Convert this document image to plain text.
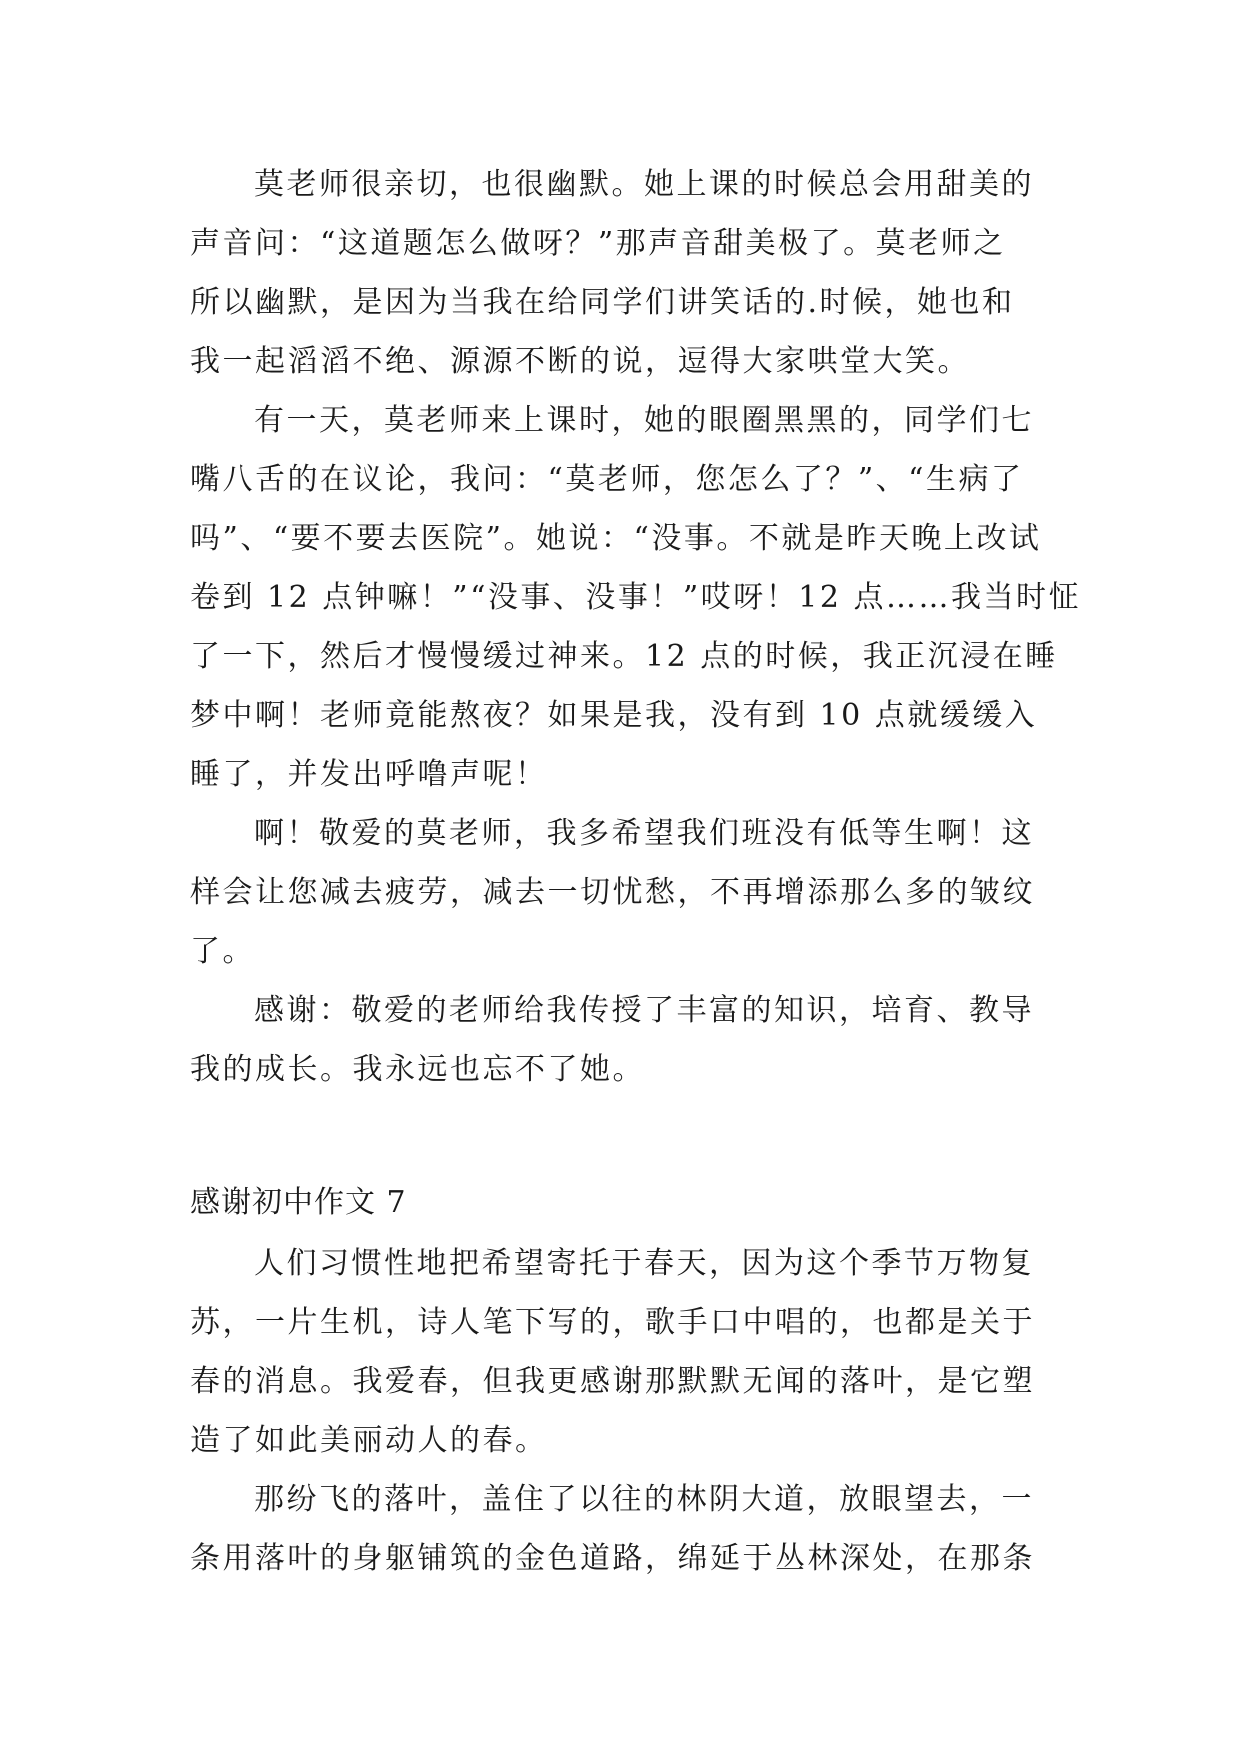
莫老师很亲切，也很幽默。她上课的时候总会用甜美的
声音问：“这道题怎么做呀？”那声音甜美极了。莫老师之
所以幽默，是因为当我在给同学们讲笑话的.时候，她也和
我一起滔滔不绝、源源不断的说，逗得大家哄堂大笑。
有一天，莫老师来上课时，她的眼圈黑黑的，同学们七
嘴八舌的在议论，我问：“莫老师，您怎么了？”、“生病了
吗”、“要不要去医院”。她说：“没事。不就是昨天晚上改试
卷到 12 点钟嘛！”“没事、没事！”哎呀！12 点……我当时怔
了一下，然后才慢慢缓过神来。12 点的时候，我正沉浸在睡
梦中啊！老师竟能熬夜？如果是我，没有到 10 点就缓缓入
睡了，并发出呼噜声呢！
啊！敬爱的莫老师，我多希望我们班没有低等生啊！这
样会让您减去疲劳，减去一切忧愁，不再增添那么多的皱纹
了。
感谢：敬爱的老师给我传授了丰富的知识，培育、教导
我的成长。我永远也忘不了她。
感谢初中作文 7
人们习惯性地把希望寄托于春天，因为这个季节万物复
苏，一片生机，诗人笔下写的，歌手口中唱的，也都是关于
春的消息。我爱春，但我更感谢那默默无闻的落叶，是它塑
造了如此美丽动人的春。
那纷飞的落叶，盖住了以往的林阴大道，放眼望去，一
条用落叶的身躯铺筑的金色道路，绵延于丛林深处，在那条
